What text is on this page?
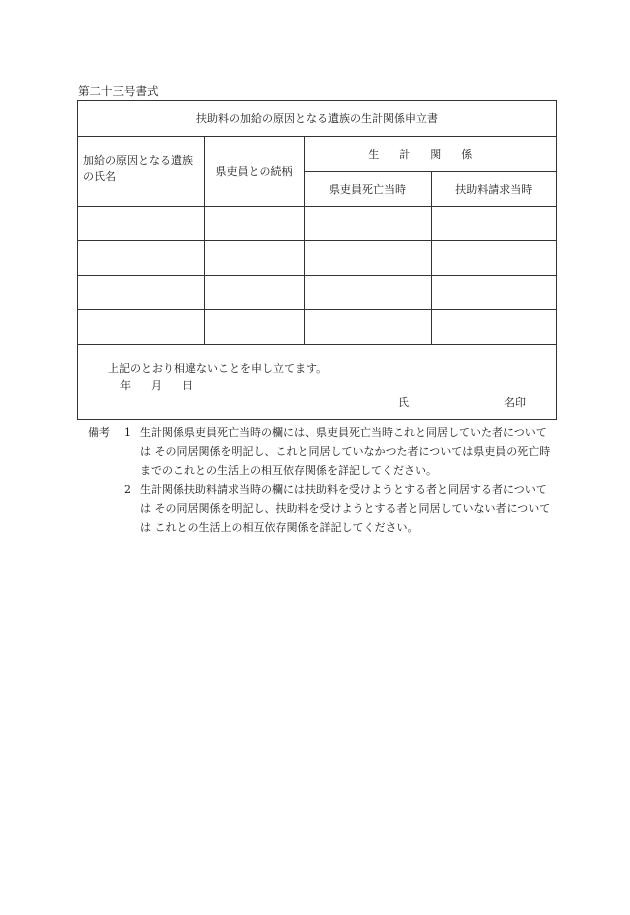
第二十三号書式
扶助料の加給の原因となる遺族の生計関係申立書			
加給の原因となる遺族の氏名	県吏員との続柄	生計関係	
		県吏員死亡当時	扶助料請求当時

上記のとおり相違ないことを申し立てます。
年 月 日
氏	名印
備考 1 生計関係県吏員死亡当時の欄には、県吏員死亡当時これと同居していた者については その同居関係を明記し、これと同居していなかつた者については県吏員の死亡時までのこれとの生活上の相互依存関係を詳記してください。
2 生計関係扶助料請求当時の欄には扶助料を受けようとする者と同居する者については その同居関係を明記し、扶助料を受けようとする者と同居していない者については これとの生活上の相互依存関係を詳記してください。
